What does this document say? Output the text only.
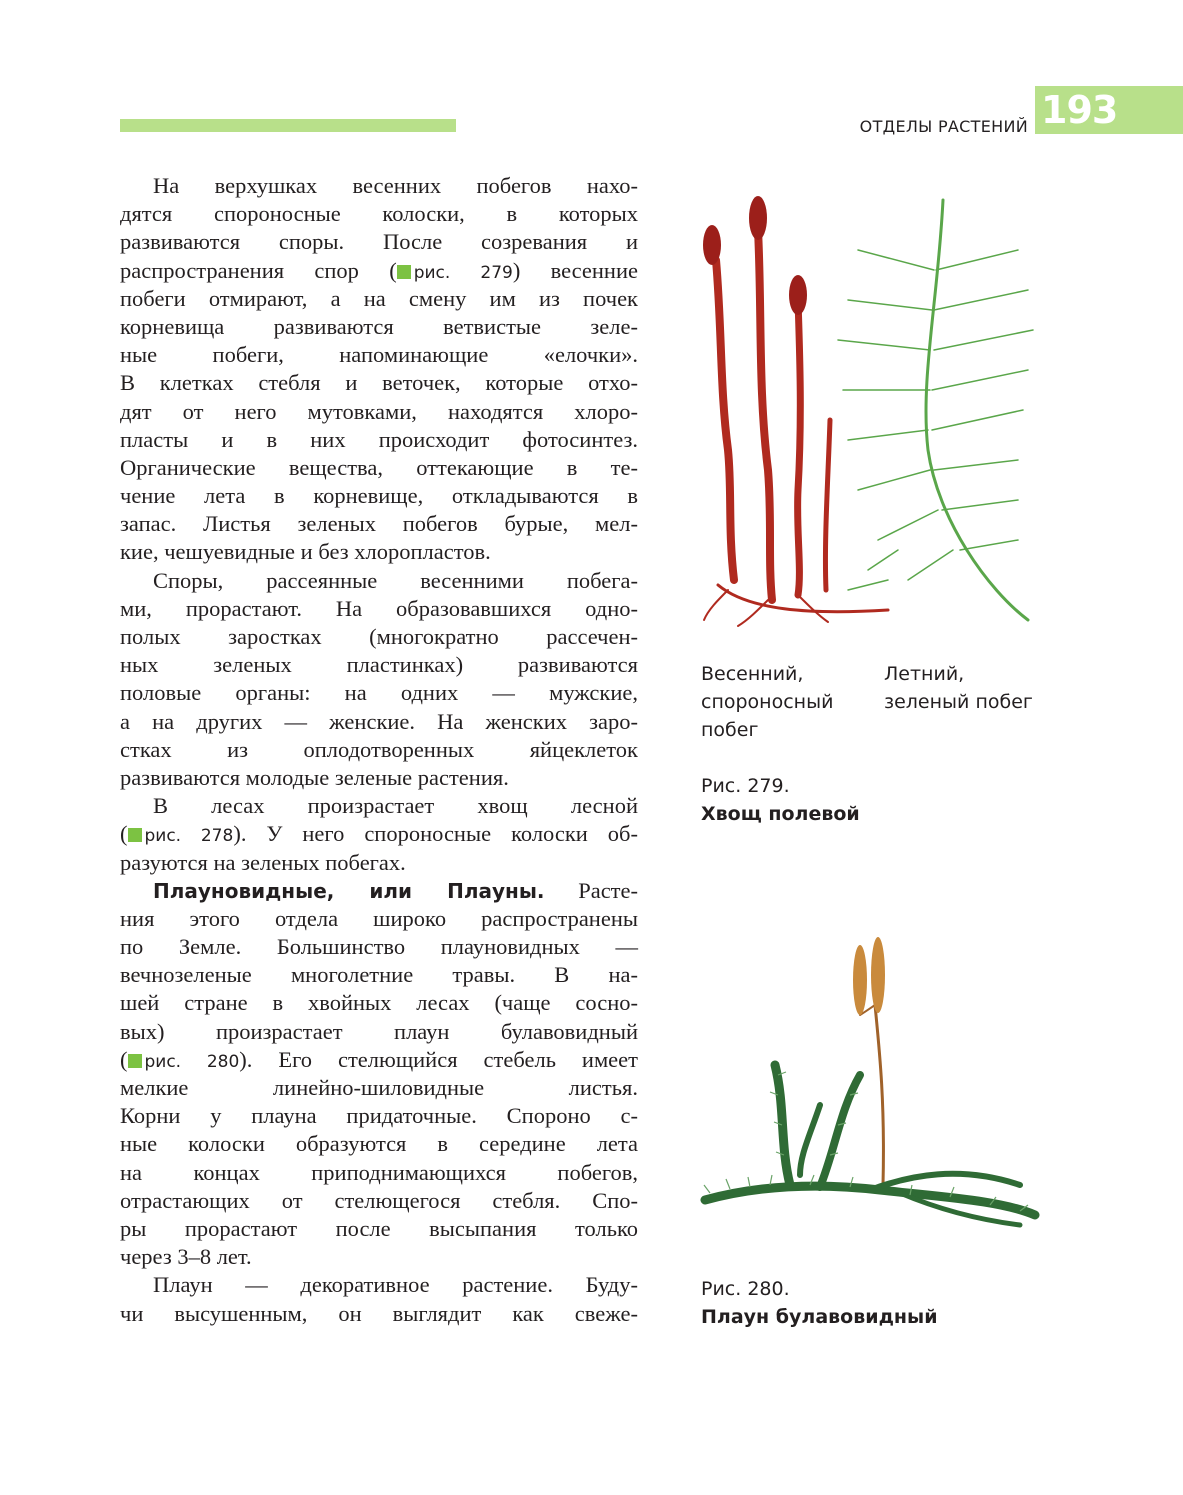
ОТДЕЛЫ РАСТЕНИЙ 193
На верхушках весенних побегов нахо-
дятся спороносные колоски, в которых
развиваются споры. После созревания и
распространения спор ( рис. 279) весенние
побеги отмирают, а на смену им из почек
корневища развиваются ветвистые зеле-
ные побеги, напоминающие «елочки».
В клетках стебля и веточек, которые отхо-
дят от него мутовками, находятся хлоро-
пласты и в них происходит фотосинтез.
Органические вещества, оттекающие в те-
чение лета в корневище, откладываются в
запас. Листья зеленых побегов бурые, мел-
кие, чешуевидные и без хлоропластов.
Споры, рассеянные весенними побега-
ми, прорастают. На образовавшихся одно-
полых заростках (многократно рассечен-
ных зеленых пластинках) развиваются
половые органы: на одних — мужские,
а на других — женские. На женских заро-
стках из оплодотворенных яйцеклеток
развиваются молодые зеленые растения.
В лесах произрастает хвощ лесной
( рис. 278). У него спороносные колоски об-
разуются на зеленых побегах.
Плауновидные, или Плауны. Расте-
ния этого отдела широко распространены
по Земле. Большинство плауновидных —
вечнозеленые многолетние травы. В на-
шей стране в хвойных лесах (чаще сосно-
вых) произрастает плаун булавовидный
( рис. 280). Его стелющийся стебель имеет
мелкие линейно-шиловидные листья.
Корни у плауна придаточные. Спороно с-
ные колоски образуются в середине лета
на концах приподнимающихся побегов,
отрастающих от стелющегося стебля. Спо-
ры прорастают после высыпания только
через 3–8 лет.
Плаун — декоративное растение. Буду-
чи высушенным, он выглядит как свеже-
Весенний,
спороносный
побег
Летний,
зеленый побег
Рис. 279.
Хвощ полевой
Рис. 280.
Плаун булавовидный
